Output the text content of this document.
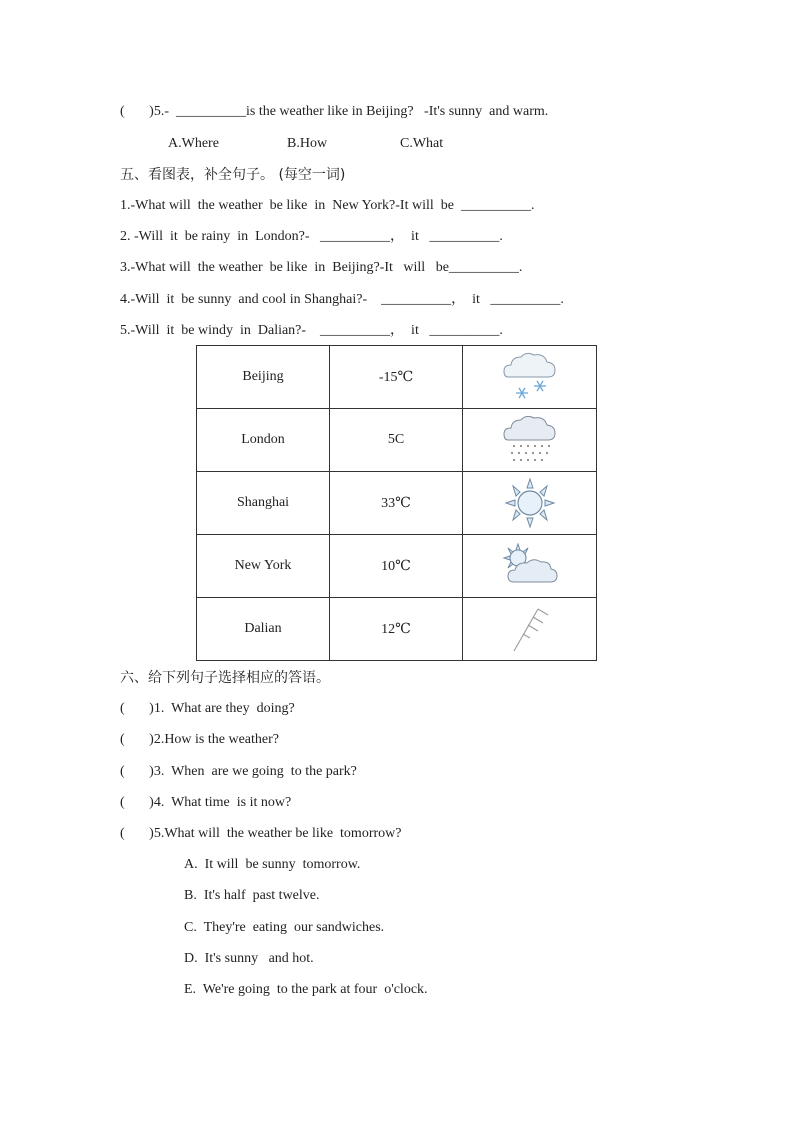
(       )5.-  __________is the weather like in Beijing?   -It's sunny  and warm.
A.Where	B.How	C.What
五、看图表，补全句子。 (每空一词)
1.-What will  the weather  be like  in  New York?-It will  be  __________.
2. -Will  it  be rainy  in  London?-   __________，  it   __________.
3.-What will  the weather  be like  in  Beijing?-It   will   be__________.
4.-Will  it  be sunny  and cool in Shanghai?-    __________，  it   __________.
5.-Will  it  be windy  in  Dalian?-    __________，  it   __________.
Beijing	-15℃	

London	5C	

Shanghai	33℃	

New York	10℃	

Dalian	12℃	
六、给下列句子选择相应的答语。
(       )1.  What are they  doing?
(       )2.How is the weather?
(       )3.  When  are we going  to the park?
(       )4.  What time  is it now?
(       )5.What will  the weather be like  tomorrow?
A.  It will  be sunny  tomorrow.
B.  It's half  past twelve.
C.  They're  eating  our sandwiches.
D.  It's sunny   and hot.
E.  We're going  to the park at four  o'clock.
